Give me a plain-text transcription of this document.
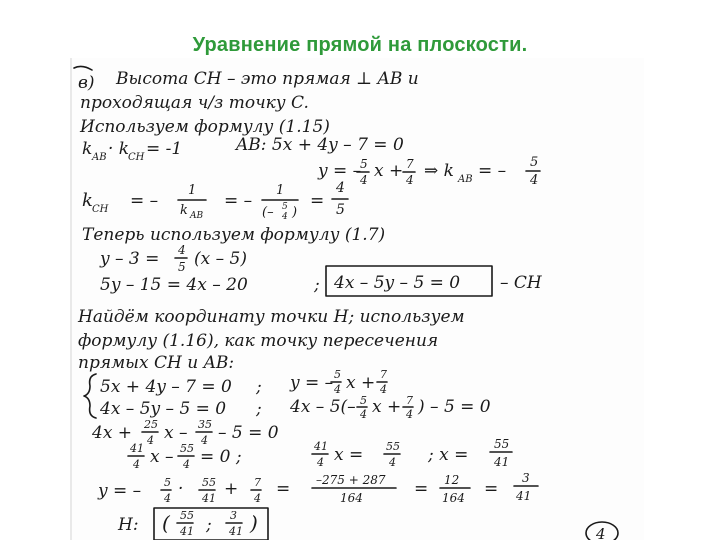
Уравнение прямой на плоскости.
в) Высота CH – это прямая ⊥ AB и
проходящая ч/з точку C.
Используем формулу (1.15)
k AB · k
CH = -1	AB: 5x + 4y – 7 = 0
y = –
5
4 x + 7
4 ⇒ k AB = – 5
4
k CH = –
1
k AB
= –
1
(– 5
4 )
=
4
5
Теперь используем формулу (1.7)
y – 3 = 4
5 (x – 5)
5y – 15 = 4x – 20	; 4x – 5y – 5 = 0 – CH
Найдём координату точки H; используем
формулу (1.16), как точку пересечения
прямых CH и AB:
5x + 4y – 7 = 0 ; y = – 5
4 x + 7
4
4x – 5y – 5 = 0 ; 4x – 5(– 5
4 x + 7
4 ) – 5 = 0
4x + 25
4 x – 35
4 – 5 = 0
41
4 x – 55
4 = 0 ;
41
4 x = 55
4 ; x =
55
41
y = – 5
4 · 55
41 + 7
4 = –275 + 287
164	= 12
164 =
3
41
H: ( 55
41 ; 3
41 )	4
